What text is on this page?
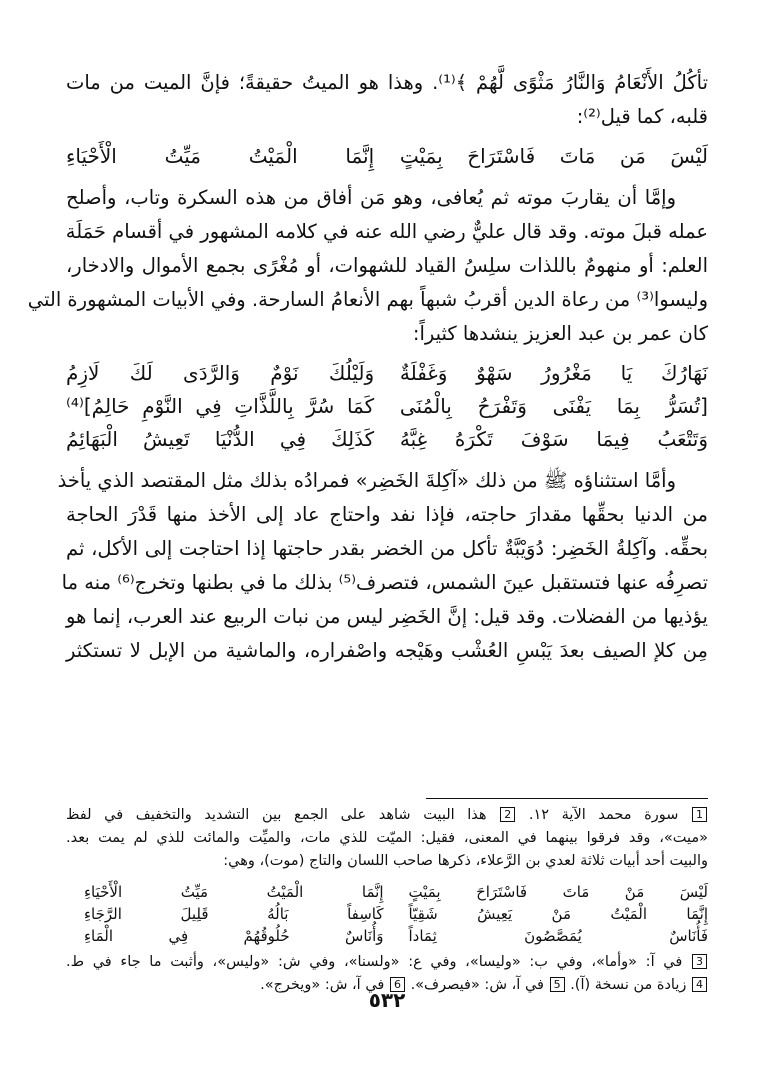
تأكُلُ الأَنْعَامُ وَالنَّارُ مَثْوًى لَّهُمْ ﴾⁽¹⁾. وهذا هو الميتُ حقيقةً؛ فإنَّ الميت من مات
قلبه، كما قيل⁽²⁾:

لَيْسَ مَن مَاتَ فَاسْتَرَاحَ بِمَيْتٍ
إِنَّمَا الْمَيْتُ مَيِّتُ الْأَحْيَاءِ

وإمَّا أن يقاربَ موته ثم يُعافى، وهو مَن أفاق من هذه السكرة وتاب، وأصلح
عمله قبلَ موته. وقد قال عليٌّ رضي الله عنه في كلامه المشهور في أقسام حَمَلَة
العلم: أو منهومٌ باللذات سلِسُ القياد للشهوات، أو مُغْرًى بجمع الأموال والادخار،
وليسوا⁽³⁾ من رعاة الدين أقربُ شبهاً بهم الأنعامُ السارحة. وفي الأبيات المشهورة التي
كان عمر بن عبد العزيز ينشدها كثيراً:

نَهَارُكَ يَا مَغْرُورُ سَهْوٌ وَغَفْلَةٌ
وَلَيْلُكَ نَوْمٌ وَالرَّدَى لَكَ لَازِمُ
[تُسَرُّ بِمَا يَفْنَى وَتَفْرَحُ بِالْمُنَى
كَمَا سُرَّ بِاللَّذَّاتِ فِي النَّوْمِ حَالِمُ]⁽⁴⁾
وَتَتْعَبُ فِيمَا سَوْفَ تَكْرَهُ غِبَّهُ
كَذَلِكَ فِي الدُّنْيَا تَعِيشُ الْبَهَائِمُ

وأمَّا استثناؤه ﷺ من ذلك «آكِلةَ الخَضِر» فمرادُه بذلك مثل المقتصد الذي يأخذ
من الدنيا بحقِّها مقدارَ حاجته، فإذا نفد واحتاج عاد إلى الأخذ منها قَدْرَ الحاجة
بحقِّه. وآكِلةُ الخَضِر: دُوَيْبَّةٌ تأكل من الخضر بقدر حاجتها إذا احتاجت إلى الأكل، ثم
تصرِفُه عنها فتستقبل عينَ الشمس، فتصرف⁽⁵⁾ بذلك ما في بطنها وتخرج⁽⁶⁾ منه ما
يؤذيها من الفضلات. وقد قيل: إنَّ الخَضِر ليس من نبات الربيع عند العرب، إنما هو
مِن كلإ الصيف بعدَ يَبْسِ العُشْب وهَيْجه واصْفراره، والماشية من الإبل لا تستكثر

1 سورة محمد الآية ١٢. 2 هذا البيت شاهد على الجمع بين التشديد والتخفيف في لفظ
«ميت»، وقد فرقوا بينهما في المعنى، فقيل: الميّت للذي مات، والميِّت والمائت للذي لم يمت بعد.
والبيت أحد أبيات ثلاثة لعدي بن الرَّعلاء، ذكرها صاحب اللسان والتاج (موت)، وهي:
لَيْسَ مَنْ مَاتَ فَاسْتَرَاحَ بِمَيْتٍ
إِنَّمَا الْمَيْتُ مَيِّتُ الْأَحْيَاءِ
إِنَّمَا الْمَيْتُ مَنْ يَعِيشُ شَقِيّاً
كَاسِفاً بَالُهُ قَلِيلَ الرَّجَاءِ
فَأُنَاسٌ يُمَصَّصُونَ ثِمَاداً
وَأُنَاسٌ حُلُوقُهُمْ فِي الْمَاءِ
3 في آ: «وأما»، وفي ب: «وليسا»، وفي ع: «ولسنا»، وفي ش: «وليس»، وأثبت ما جاء في ط.
4 زيادة من نسخة (آ). 5 في آ، ش: «فيصرف». 6 في آ، ش: «ويخرج».
٥٣٢
